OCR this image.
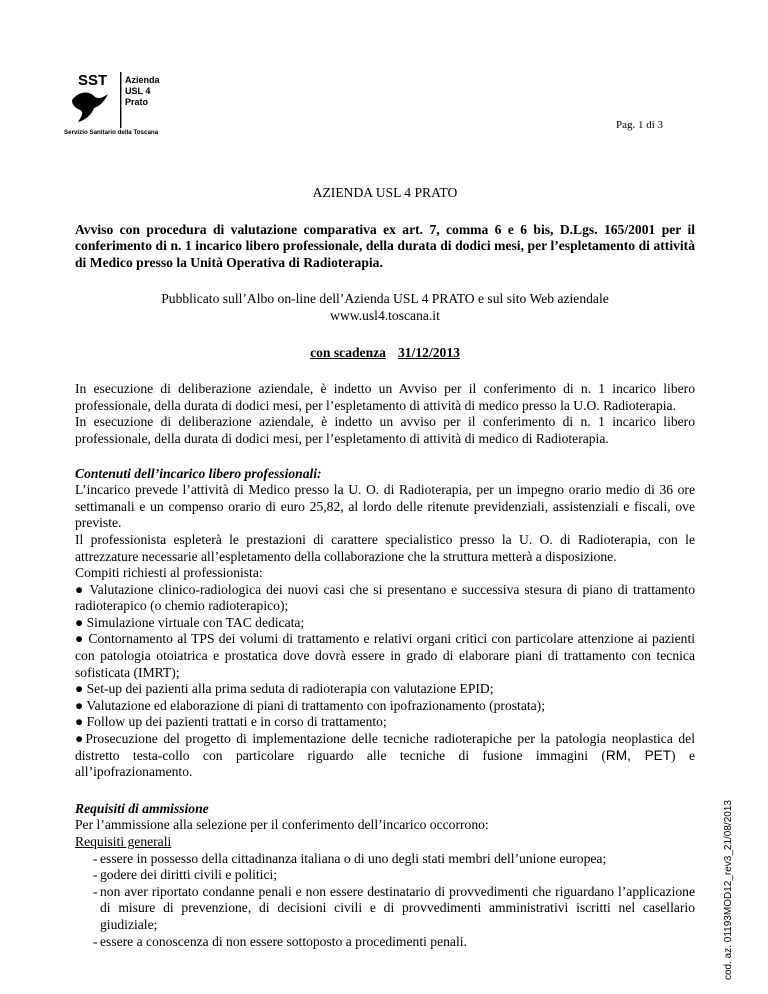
SST Azienda
USL 4
Prato
Servizio Sanitario della Toscana
Pag. 1 di 3
cod. az. 01193MOD12_rev3_21/08/2013

AZIENDA USL 4 PRATO

Avviso con procedura di valutazione comparativa ex art. 7, comma 6 e 6 bis, D.Lgs. 165/2001 per il conferimento di n. 1 incarico libero professionale, della durata di dodici mesi, per l’espletamento di attività di Medico presso la Unità Operativa di Radioterapia.

Pubblicato sull’Albo on-line dell’Azienda USL 4 PRATO e sul sito Web aziendale
www.usl4.toscana.it

con scadenza 31/12/2013

In esecuzione di deliberazione aziendale, è indetto un Avviso per il conferimento di n. 1 incarico libero professionale, della durata di dodici mesi, per l’espletamento di attività di medico presso la U.O. Radioterapia.

In esecuzione di deliberazione aziendale, è indetto un avviso per il conferimento di n. 1 incarico libero professionale, della durata di dodici mesi, per l’espletamento di attività di medico di Radioterapia.

Contenuti dell’incarico libero professionali:

L’incarico prevede l’attività di Medico presso la U. O. di Radioterapia, per un impegno orario medio di 36 ore settimanali e un compenso orario di euro 25,82, al lordo delle ritenute previdenziali, assistenziali e fiscali, ove previste.

Il professionista espleterà le prestazioni di carattere specialistico presso la U. O. di Radioterapia, con le attrezzature necessarie all’espletamento della collaborazione che la struttura metterà a disposizione.

Compiti richiesti al professionista:

● Valutazione clinico-radiologica dei nuovi casi che si presentano e successiva stesura di piano di trattamento radioterapico (o chemio radioterapico);

● Simulazione virtuale con TAC dedicata;

● Contornamento al TPS dei volumi di trattamento e relativi organi critici con particolare attenzione ai pazienti con patologia otoiatrica e prostatica dove dovrà essere in grado di elaborare piani di trattamento con tecnica sofisticata (IMRT);

● Set-up dei pazienti alla prima seduta di radioterapia con valutazione EPID;

● Valutazione ed elaborazione di piani di trattamento con ipofrazionamento (prostata);

● Follow up dei pazienti trattati e in corso di trattamento;

●Prosecuzione del progetto di implementazione delle tecniche radioterapiche per la patologia neoplastica del distretto testa-collo con particolare riguardo alle tecniche di fusione immagini (RM, PET) e all’ipofrazionamento.

Requisiti di ammissione

Per l’ammissione alla selezione per il conferimento dell’incarico occorrono:

Requisiti generali

- essere in possesso della cittadinanza italiana o di uno degli stati membri dell’unione europea;
- godere dei diritti civili e politici;
- non aver riportato condanne penali e non essere destinatario di provvedimenti che riguardano l’applicazione di misure di prevenzione, di decisioni civili e di provvedimenti amministrativi iscritti nel casellario giudiziale;
- essere a conoscenza di non essere sottoposto a procedimenti penali.
